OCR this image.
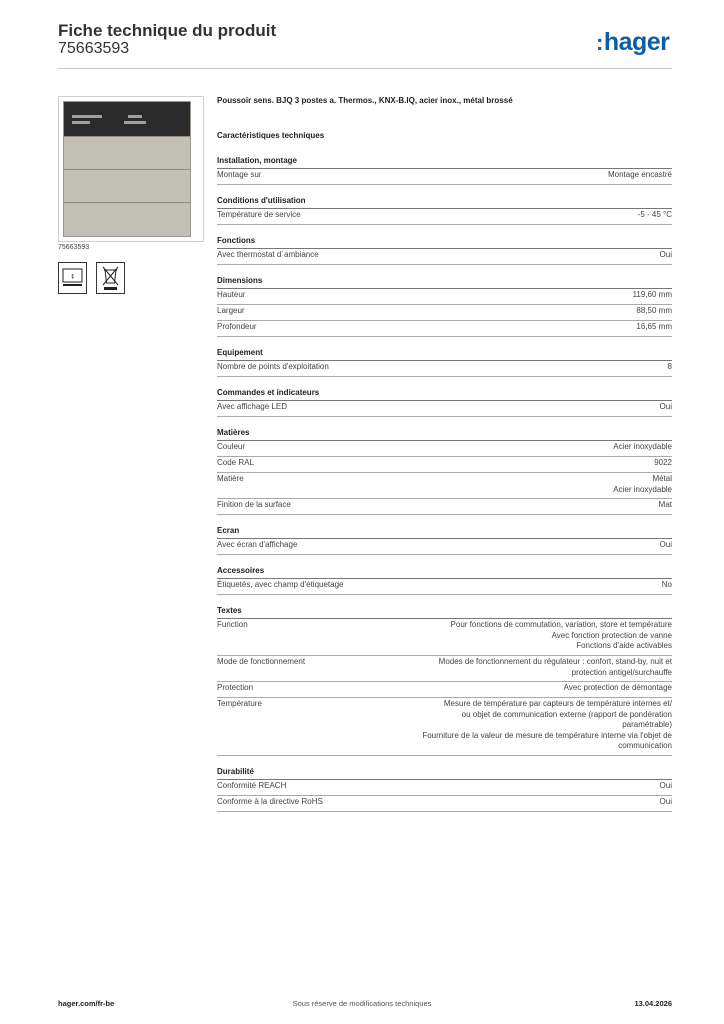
Fiche technique du produit
75663593	:hager
75663593
↕
Poussoir sens. BJQ 3 postes a. Thermos., KNX-B.IQ, acier inox., métal brossé
Caractéristiques techniques
Installation, montage
Montage sur	Montage encastré
Conditions d'utilisation
Température de service	-5 - 45 °C
Fonctions
Avec thermostat d´ambiance	Oui
Dimensions
Hauteur	119,60 mm
Largeur	88,50 mm
Profondeur	16,65 mm
Equipement
Nombre de points d'exploitation	8
Commandes et indicateurs
Avec affichage LED	Oui
Matières
Couleur	Acier inoxydable
Code RAL	9022
Matière	Métal
Acier inoxydable
Finition de la surface	Mat
Ecran
Avec écran d'affichage	Oui
Accessoires
Étiquetés, avec champ d'étiquetage	No
Textes
Function	Pour fonctions de commutation, variation, store et température
Avec fonction protection de vanne
Fonctions d'aide activables
Mode de fonctionnement	Modes de fonctionnement du régulateur : confort, stand-by, nuit et
protection antigel/surchauffe
Protection	Avec protection de démontage
Température	Mesure de température par capteurs de température internes et/
ou objet de communication externe (rapport de pondération
paramétrable)
Fourniture de la valeur de mesure de température interne via l'objet de
communication
Durabilité
Conformité REACH	Oui
Conforme à la directive RoHS	Oui
hager.com/fr-be	Sous réserve de modifications techniques	13.04.2026
